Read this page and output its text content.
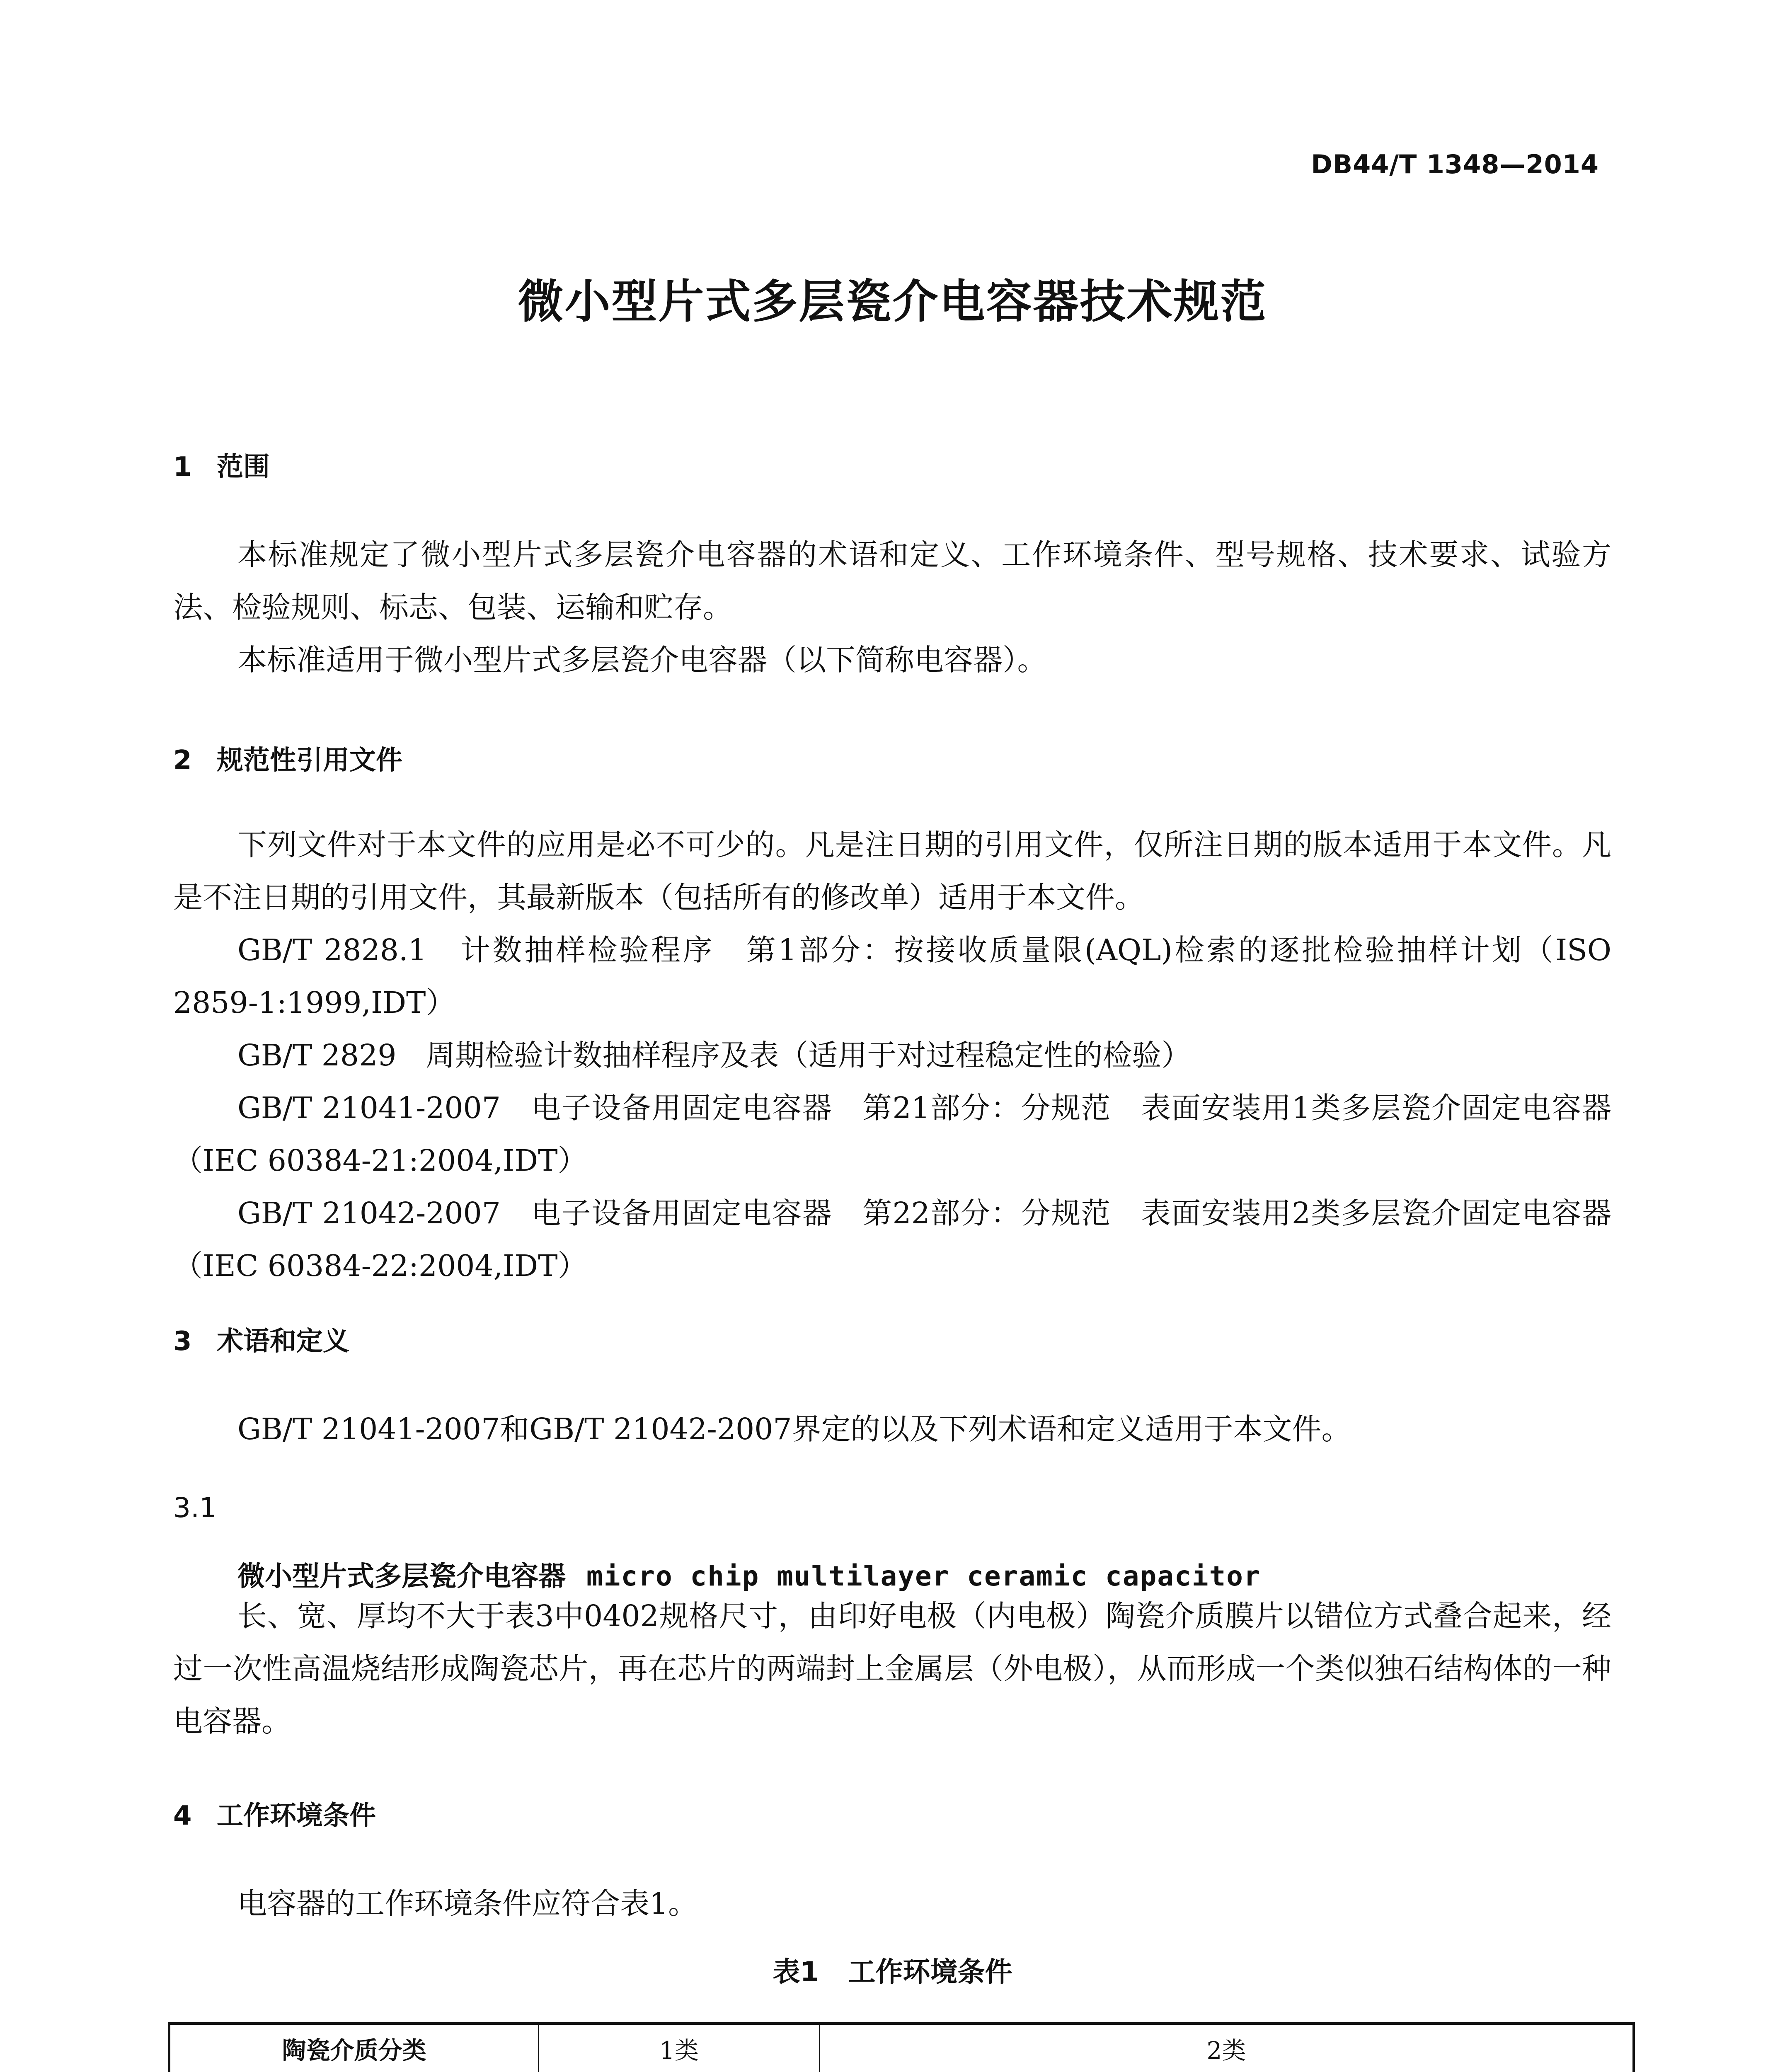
DB44/T 1348—2014
微小型片式多层瓷介电容器技术规范
1 范围
本标准规定了微小型片式多层瓷介电容器的术语和定义、工作环境条件、型号规格、技术要求、试验方法、检验规则、标志、包装、运输和贮存。
本标准适用于微小型片式多层瓷介电容器（以下简称电容器）。
2 规范性引用文件
下列文件对于本文件的应用是必不可少的。凡是注日期的引用文件，仅所注日期的版本适用于本文件。凡是不注日期的引用文件，其最新版本（包括所有的修改单）适用于本文件。
GB/T 2828.1　计数抽样检验程序　第1部分：按接收质量限(AQL)检索的逐批检验抽样计划（ISO 2859-1:1999,IDT）
GB/T 2829　周期检验计数抽样程序及表（适用于对过程稳定性的检验）
GB/T 21041-2007　电子设备用固定电容器　第21部分：分规范　表面安装用1类多层瓷介固定电容器（IEC 60384-21:2004,IDT）
GB/T 21042-2007　电子设备用固定电容器　第22部分：分规范　表面安装用2类多层瓷介固定电容器（IEC 60384-22:2004,IDT）
3 术语和定义
GB/T 21041-2007和GB/T 21042-2007界定的以及下列术语和定义适用于本文件。
3.1
微小型片式多层瓷介电容器 micro chip multilayer ceramic capacitor
长、宽、厚均不大于表3中0402规格尺寸，由印好电极（内电极）陶瓷介质膜片以错位方式叠合起来，经过一次性高温烧结形成陶瓷芯片，再在芯片的两端封上金属层（外电极），从而形成一个类似独石结构体的一种电容器。
4 工作环境条件
电容器的工作环境条件应符合表1。
表1 工作环境条件
陶瓷介质分类	1类	2类		
